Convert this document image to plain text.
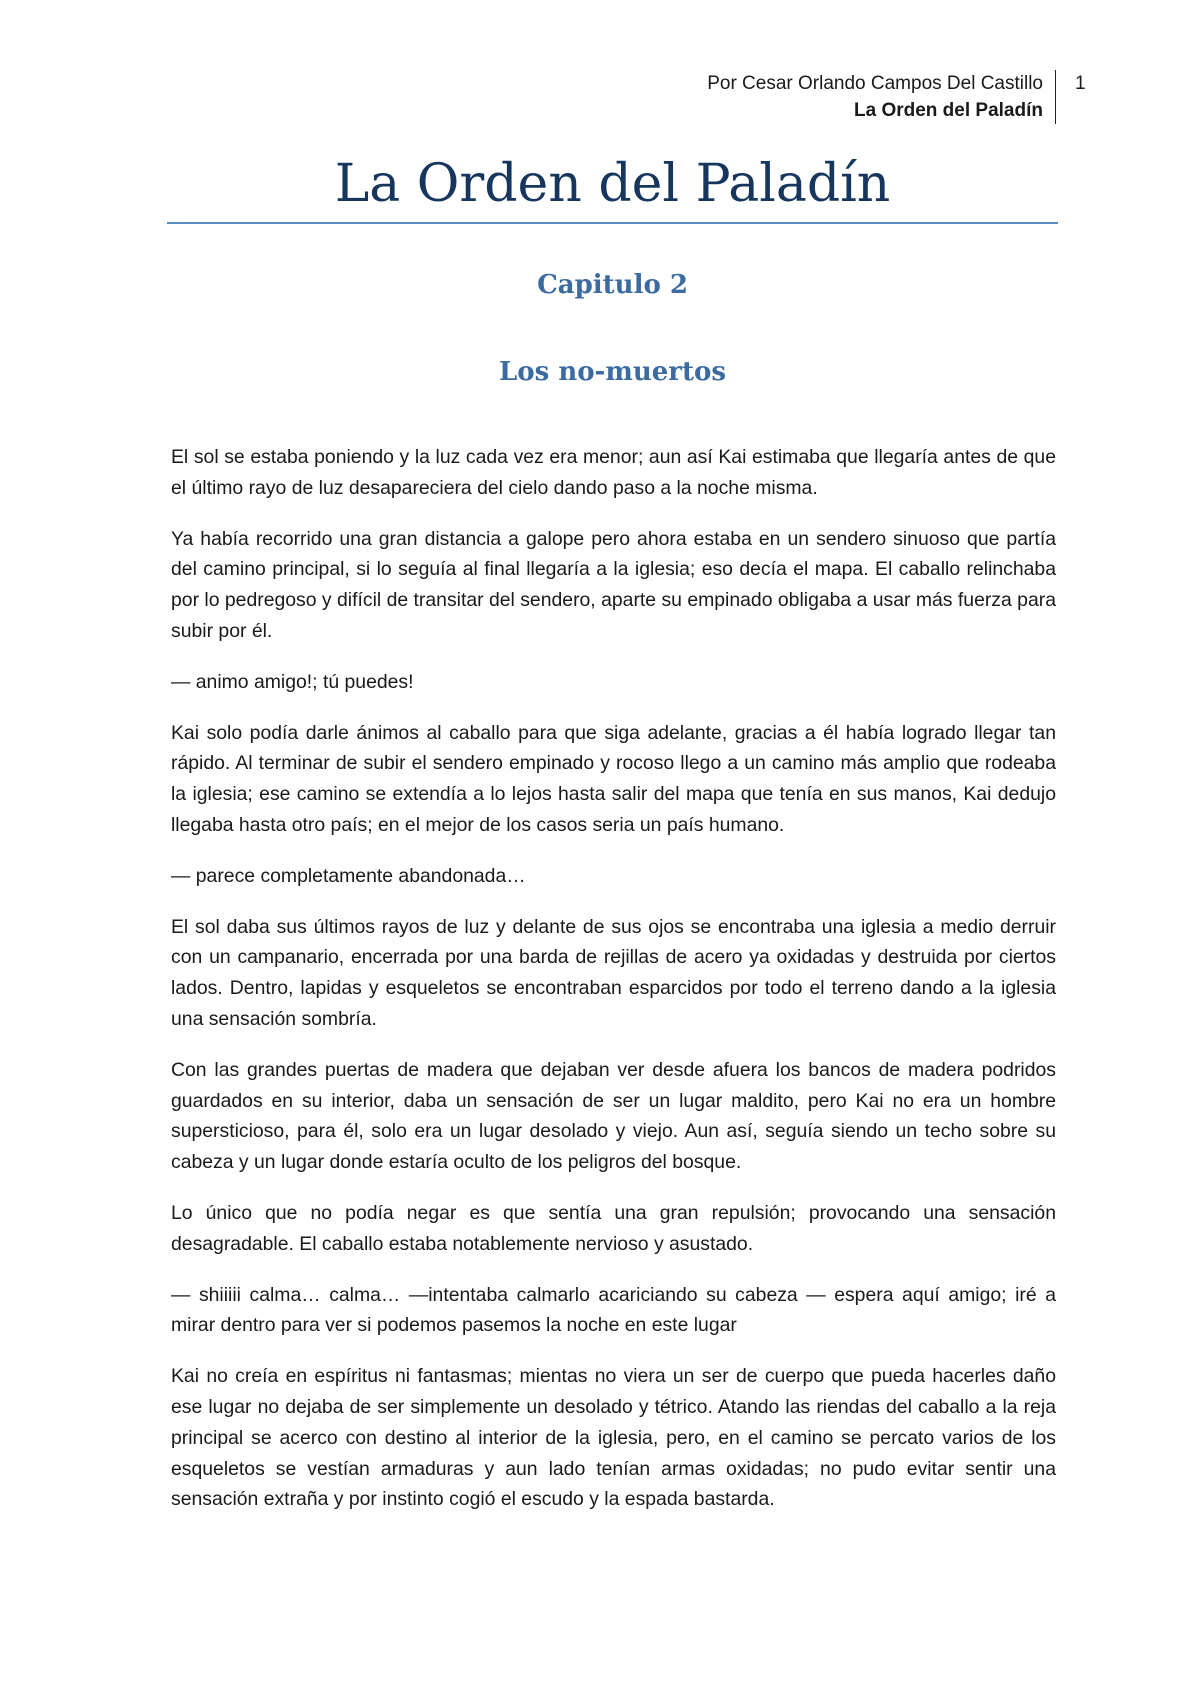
Por Cesar Orlando Campos Del Castillo
La Orden del Paladín
1
La Orden del Paladín
Capitulo 2
Los no-muertos

El sol se estaba poniendo y la luz cada vez era menor; aun así Kai estimaba que llegaría antes de que el último rayo de luz desapareciera del cielo dando paso a la noche misma.

Ya había recorrido una gran distancia a galope pero ahora estaba en un sendero sinuoso que partía del camino principal, si lo seguía al final llegaría a la iglesia; eso decía el mapa. El caballo relinchaba por lo pedregoso y difícil de transitar del sendero, aparte su empinado obligaba a usar más fuerza para subir por él.

— animo amigo!; tú puedes!

Kai solo podía darle ánimos al caballo para que siga adelante, gracias a él había logrado llegar tan rápido. Al terminar de subir el sendero empinado y rocoso llego a un camino más amplio que rodeaba la iglesia; ese camino se extendía a lo lejos hasta salir del mapa que tenía en sus manos, Kai dedujo llegaba hasta otro país; en el mejor de los casos seria un país humano.

— parece completamente abandonada…

El sol daba sus últimos rayos de luz y delante de sus ojos se encontraba una iglesia a medio derruir con un campanario, encerrada por una barda de rejillas de acero ya oxidadas y destruida por ciertos lados. Dentro, lapidas y esqueletos se encontraban esparcidos por todo el terreno dando a la iglesia una sensación sombría.

Con las grandes puertas de madera que dejaban ver desde afuera los bancos de madera podridos guardados en su interior, daba un sensación de ser un lugar maldito, pero Kai no era un hombre supersticioso, para él, solo era un lugar desolado y viejo. Aun así, seguía siendo un techo sobre su cabeza y un lugar donde estaría oculto de los peligros del bosque.

Lo único que no podía negar es que sentía una gran repulsión; provocando una sensación desagradable. El caballo estaba notablemente nervioso y asustado.

— shiiiii calma… calma… —intentaba calmarlo acariciando su cabeza — espera aquí amigo; iré a mirar dentro para ver si podemos pasemos la noche en este lugar

Kai no creía en espíritus ni fantasmas; mientas no viera un ser de cuerpo que pueda hacerles daño ese lugar no dejaba de ser simplemente un desolado y tétrico. Atando las riendas del caballo a la reja principal se acerco con destino al interior de la iglesia, pero, en el camino se percato varios de los esqueletos se vestían armaduras y aun lado tenían armas oxidadas; no pudo evitar sentir una sensación extraña y por instinto cogió el escudo y la espada bastarda.
